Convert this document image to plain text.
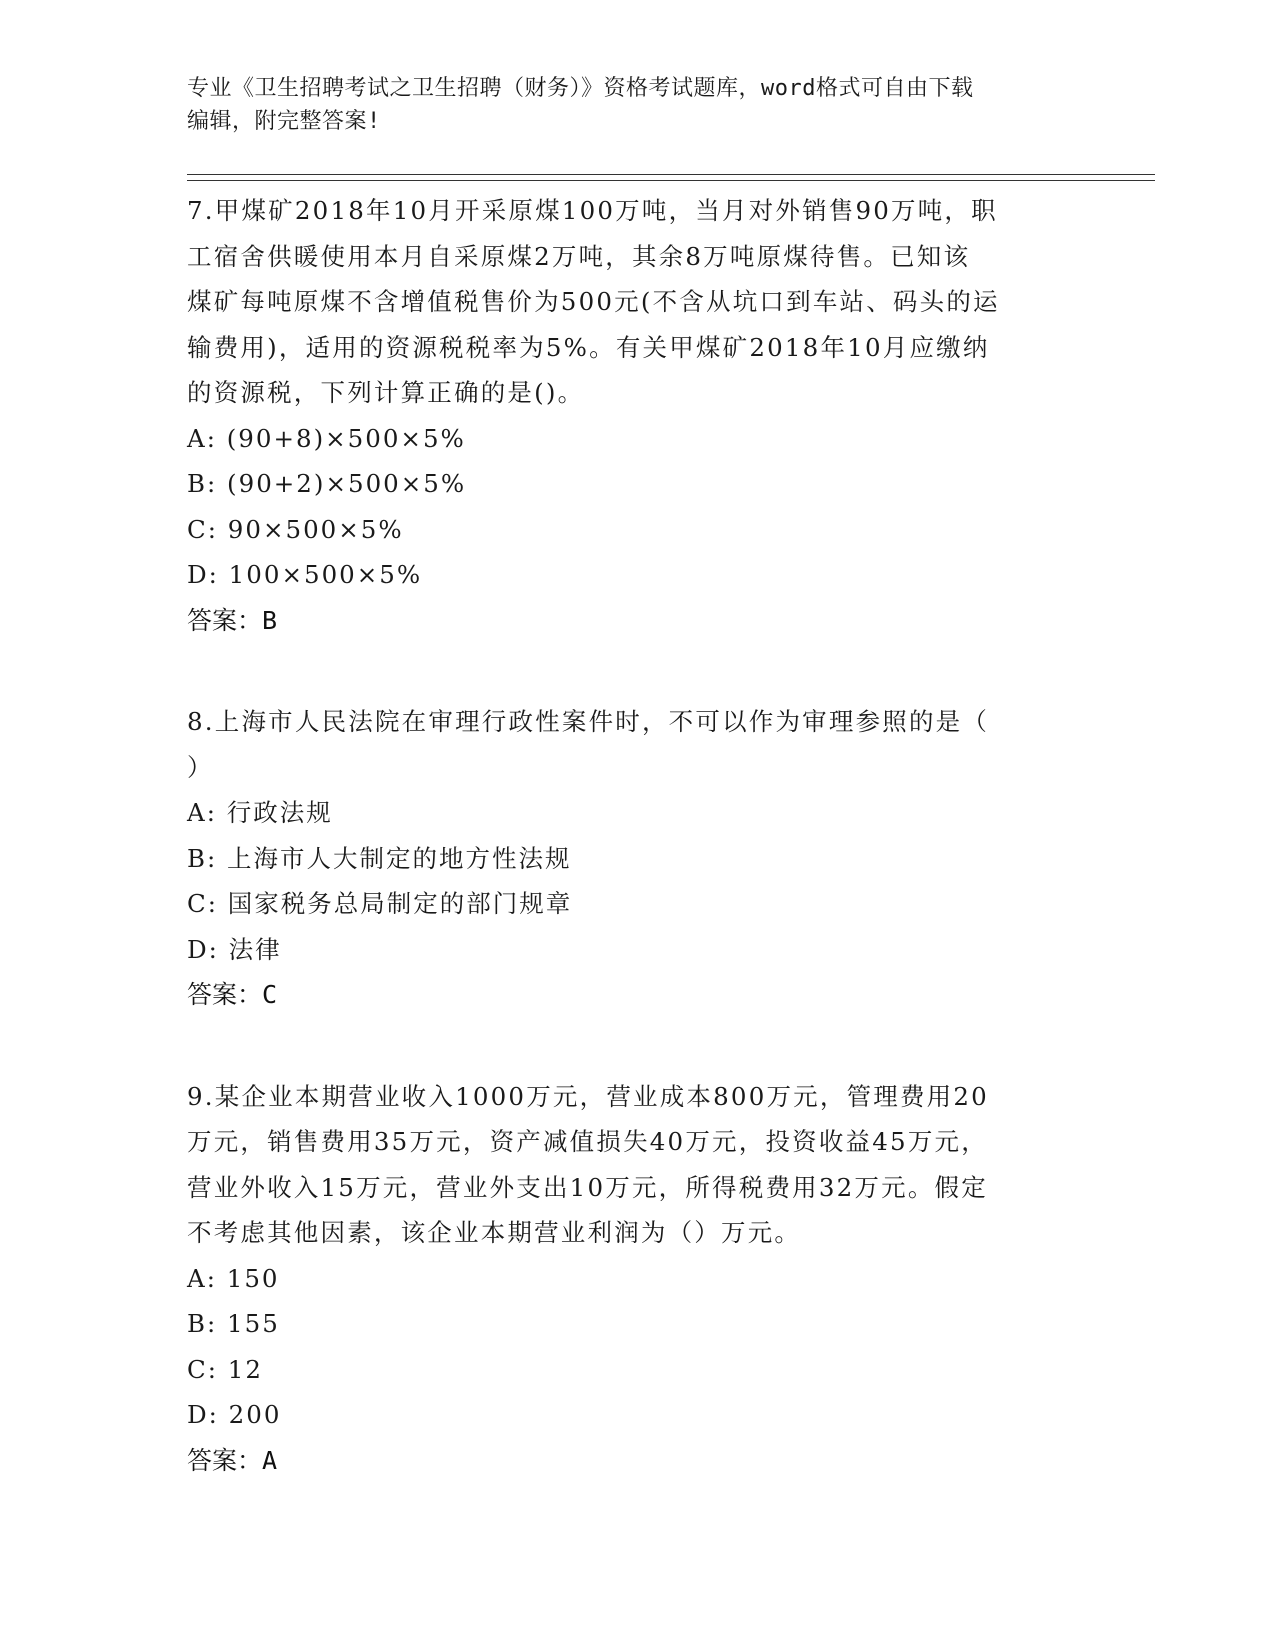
专业《卫生招聘考试之卫生招聘（财务）》资格考试题库，word格式可自由下载
编辑，附完整答案!

7.甲煤矿2018年10月开采原煤100万吨，当月对外销售90万吨，职

工宿舍供暖使用本月自采原煤2万吨，其余8万吨原煤待售。已知该

煤矿每吨原煤不含增值税售价为500元(不含从坑口到车站、码头的运

输费用)，适用的资源税税率为5%。有关甲煤矿2018年10月应缴纳

的资源税，下列计算正确的是()。

A: (90+8)×500×5%

B: (90+2)×500×5%

C: 90×500×5%

D: 100×500×5%

答案：B

8.上海市人民法院在审理行政性案件时，不可以作为审理参照的是（

）

A: 行政法规

B: 上海市人大制定的地方性法规

C: 国家税务总局制定的部门规章

D: 法律

答案：C

9.某企业本期营业收入1000万元，营业成本800万元，管理费用20

万元，销售费用35万元，资产减值损失40万元，投资收益45万元，

营业外收入15万元，营业外支出10万元，所得税费用32万元。假定

不考虑其他因素，该企业本期营业利润为（）万元。

A: 150

B: 155

C: 12

D: 200

答案：A
